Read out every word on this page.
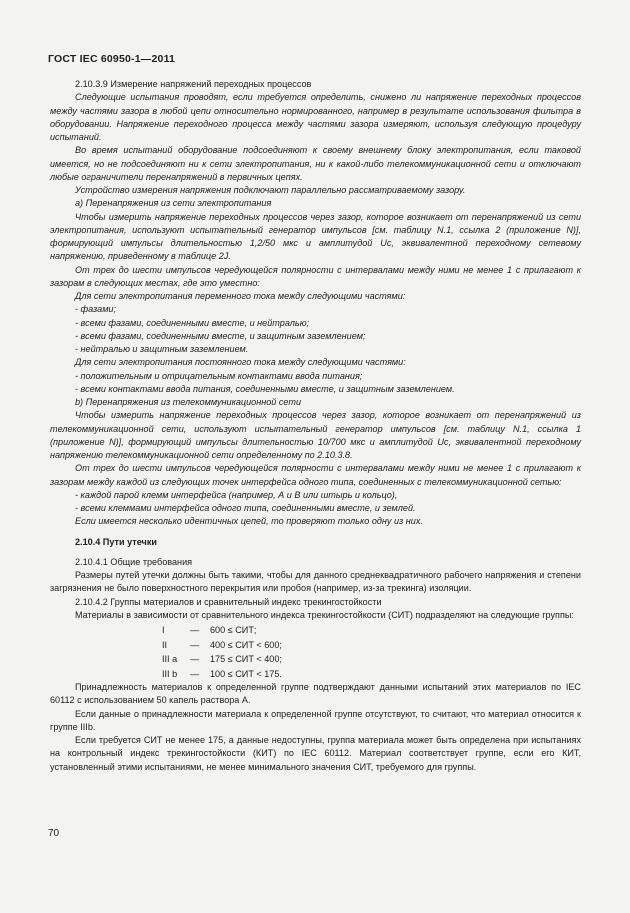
ГОСТ IEC 60950-1—2011

2.10.3.9 Измерение напряжений переходных процессов

Следующие испытания проводят, если требуется определить, снижено ли напряжение переходных процессов между частями зазора в любой цепи относительно нормированного, например в результате использования фильтра в оборудовании. Напряжение переходного процесса между частями зазора измеряют, используя следующую процедуру испытаний.

Во время испытаний оборудование подсоединяют к своему внешнему блоку электропитания, если таковой имеется, но не подсоединяют ни к сети электропитания, ни к какой-либо телекоммуникационной сети и отключают любые ограничители перенапряжений в первичных цепях.

Устройство измерения напряжения подключают параллельно рассматриваемому зазору.

а) Перенапряжения из сети электропитания

Чтобы измерить напряжение переходных процессов через зазор, которое возникает от перенапряжений из сети электропитания, используют испытательный генератор импульсов [см. таблицу N.1, ссылка 2 (приложение N)], формирующий импульсы длительностью 1,2/50 мкс и амплитудой Uc, эквивалентной переходному сетевому напряжению, приведенному в таблице 2J.

От трех до шести импульсов чередующейся полярности с интервалами между ними не менее 1 с прилагают к зазорам в следующих местах, где это уместно:

Для сети электропитания переменного тока между следующими частями:

- фазами;

- всеми фазами, соединенными вместе, и нейтралью;

- всеми фазами, соединенными вместе, и защитным заземлением;

- нейтралью и защитным заземлением.

Для сети электропитания постоянного тока между следующими частями:

- положительным и отрицательным контактами ввода питания;

- всеми контактами ввода питания, соединенными вместе, и защитным заземлением.

b) Перенапряжения из телекоммуникационной сети

Чтобы измерить напряжение переходных процессов через зазор, которое возникает от перенапряжений из телекоммуникационной сети, используют испытательный генератор импульсов [см. таблицу N.1, ссылка 1 (приложение N)], формирующий импульсы длительностью 10/700 мкс и амплитудой Uc, эквивалентной переходному напряжению телекоммуникационной сети определенному по 2.10.3.8.

От трех до шести импульсов чередующейся полярности с интервалами между ними не менее 1 с прилагают к зазорам между каждой из следующих точек интерфейса одного типа, соединенных с телекоммуникационной сетью:

- каждой парой клемм интерфейса (например, А и В или штырь и кольцо),

- всеми клеммами интерфейса одного типа, соединенными вместе, и землей.

Если имеется несколько идентичных цепей, то проверяют только одну из них.

2.10.4 Пути утечки

2.10.4.1 Общие требования

Размеры путей утечки должны быть такими, чтобы для данного среднеквадратичного рабочего напряжения и степени загрязнения не было поверхностного перекрытия или пробоя (например, из-за трекинга) изоляции.

2.10.4.2 Группы материалов и сравнительный индекс трекингостойкости

Материалы в зависимости от сравнительного индекса трекингостойкости (СИТ) подразделяют на следующие группы:

I	—	600 ≤ СИТ;
II	—	400 ≤ СИТ < 600;
III a	—	175 ≤ СИТ < 400;
III b	—	100 ≤ СИТ < 175.

Принадлежность материалов к определенной группе подтверждают данными испытаний этих материалов по IEC 60112 с использованием 50 капель раствора А.

Если данные о принадлежности материала к определенной группе отсутствуют, то считают, что материал относится к группе IIIb.

Если требуется СИТ не менее 175, а данные недоступны, группа материала может быть определена при испытаниях на контрольный индекс трекингостойкости (КИТ) по IEC 60112. Материал соответствует группе, если его КИТ, установленный этими испытаниями, не менее минимального значения СИТ, требуемого для группы.

70
